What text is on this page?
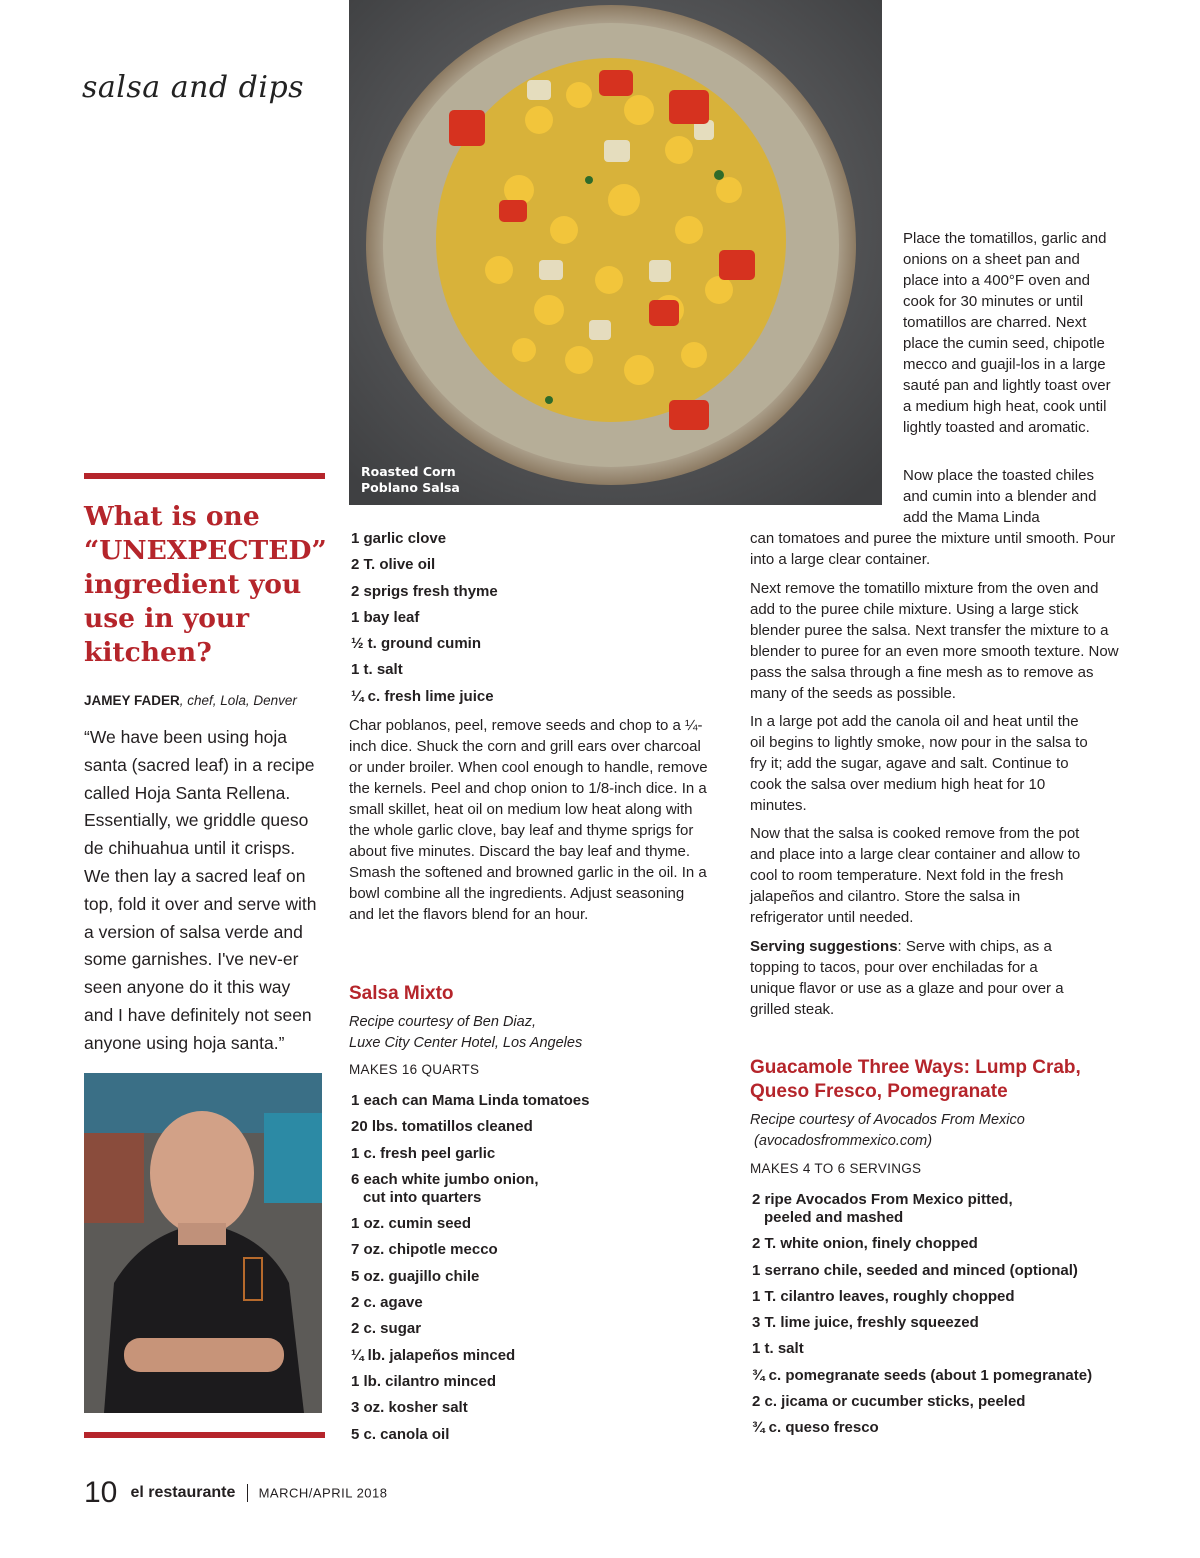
salsa and dips
Roasted Corn
Poblano Salsa
What is one “UNEXPECTED” ingredient you use in your kitchen?
JAMEY FADER, chef, Lola, Denver
“We have been using hoja santa (sacred leaf) in a recipe called Hoja Santa Rellena. Essentially, we griddle queso de chihuahua until it crisps. We then lay a sacred leaf on top, fold it over and serve with a version of salsa verde and some garnishes. I've nev-er seen anyone do it this way and I have definitely not seen anyone using hoja santa.”
1 garlic clove
2 T. olive oil
2 sprigs fresh thyme
1 bay leaf
½ t. ground cumin
1 t. salt
¼ c. fresh lime juice
Char poblanos, peel, remove seeds and chop to a ¼-inch dice. Shuck the corn and grill ears over charcoal or under broiler. When cool enough to handle, remove the kernels. Peel and chop onion to 1/8-inch dice. In a small skillet, heat oil on medium low heat along with the whole garlic clove, bay leaf and thyme sprigs for about five minutes. Discard the bay leaf and thyme. Smash the softened and browned garlic in the oil. In a bowl combine all the ingredients. Adjust seasoning and let the flavors blend for an hour.
Salsa Mixto
Recipe courtesy of Ben Diaz,
Luxe City Center Hotel, Los Angeles
MAKES 16 QUARTS
1 each can Mama Linda tomatoes
20 lbs. tomatillos cleaned
1 c. fresh peel garlic
6 each white jumbo onion,
cut into quarters
1 oz. cumin seed
7 oz. chipotle mecco
5 oz. guajillo chile
2 c. agave
2 c. sugar
¼ lb. jalapeños minced
1 lb. cilantro minced
3 oz. kosher salt
5 c. canola oil
Place the tomatillos, garlic and onions on a sheet pan and place into a 400°F oven and cook for 30 minutes or until tomatillos are charred. Next place the cumin seed, chipotle mecco and guajil-los in a large sauté pan and lightly toast over a medium high heat, cook until lightly toasted and aromatic.
Now place the toasted chiles and cumin into a blender and add the Mama Linda
can tomatoes and puree the mixture until smooth. Pour into a large clear container.
Next remove the tomatillo mixture from the oven and add to the puree chile mixture. Using a large stick blender puree the salsa. Next transfer the mixture to a blender to puree for an even more smooth texture. Now pass the salsa through a fine mesh as to remove as many of the seeds as possible.
In a large pot add the canola oil and heat until the oil begins to lightly smoke, now pour in the salsa to fry it; add the sugar, agave and salt. Continue to cook the salsa over medium high heat for 10 minutes.
Now that the salsa is cooked remove from the pot and place into a large clear container and allow to cool to room temperature. Next fold in the fresh jalapeños and cilantro. Store the salsa in refrigerator until needed.
Serving suggestions: Serve with chips, as a topping to tacos, pour over enchiladas for a unique flavor or use as a glaze and pour over a grilled steak.
Guacamole Three Ways: Lump Crab,
Queso Fresco, Pomegranate
Recipe courtesy of Avocados From Mexico
(avocadosfrommexico.com)
MAKES 4 TO 6 SERVINGS
2 ripe Avocados From Mexico pitted,
peeled and mashed
2 T. white onion, finely chopped
1 serrano chile, seeded and minced (optional)
1 T. cilantro leaves, roughly chopped
3 T. lime juice, freshly squeezed
1 t. salt
¾ c. pomegranate seeds (about 1 pomegranate)
2 c. jicama or cucumber sticks, peeled
¾ c. queso fresco
10 el restaurante MARCH/APRIL 2018
